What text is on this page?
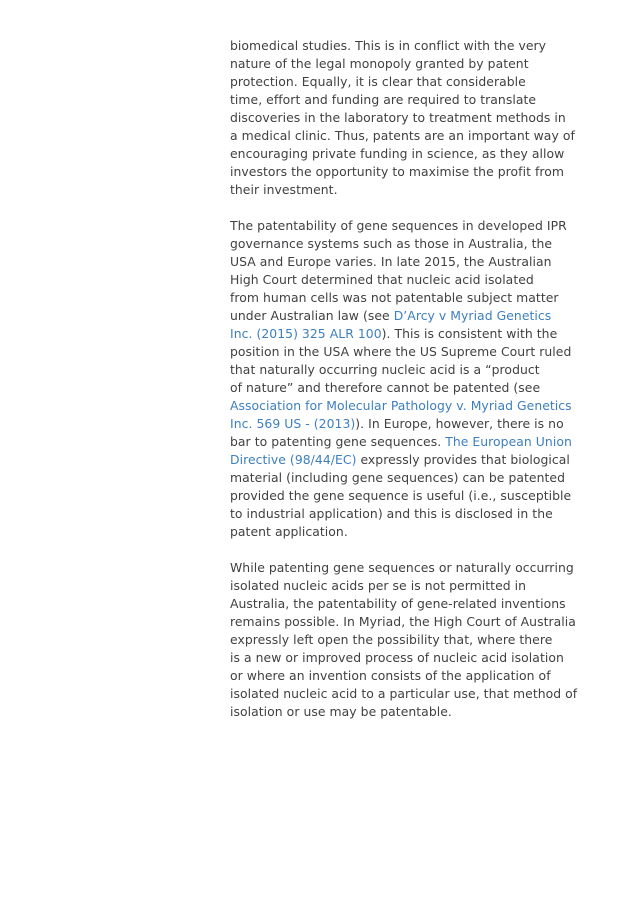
biomedical studies. This is in conflict with the very
nature of the legal monopoly granted by patent
protection. Equally, it is clear that considerable
time, effort and funding are required to translate
discoveries in the laboratory to treatment methods in
a medical clinic. Thus, patents are an important way of
encouraging private funding in science, as they allow
investors the opportunity to maximise the profit from
their investment.
The patentability of gene sequences in developed IPR
governance systems such as those in Australia, the
USA and Europe varies. In late 2015, the Australian
High Court determined that nucleic acid isolated
from human cells was not patentable subject matter
under Australian law (see D’Arcy v Myriad Genetics
Inc. (2015) 325 ALR 100). This is consistent with the
position in the USA where the US Supreme Court ruled
that naturally occurring nucleic acid is a “product
of nature” and therefore cannot be patented (see
Association for Molecular Pathology v. Myriad Genetics
Inc. 569 US - (2013)). In Europe, however, there is no
bar to patenting gene sequences. The European Union
Directive (98/44/EC) expressly provides that biological
material (including gene sequences) can be patented
provided the gene sequence is useful (i.e., susceptible
to industrial application) and this is disclosed in the
patent application.
While patenting gene sequences or naturally occurring
isolated nucleic acids per se is not permitted in
Australia, the patentability of gene-related inventions
remains possible. In Myriad, the High Court of Australia
expressly left open the possibility that, where there
is a new or improved process of nucleic acid isolation
or where an invention consists of the application of
isolated nucleic acid to a particular use, that method of
isolation or use may be patentable.
